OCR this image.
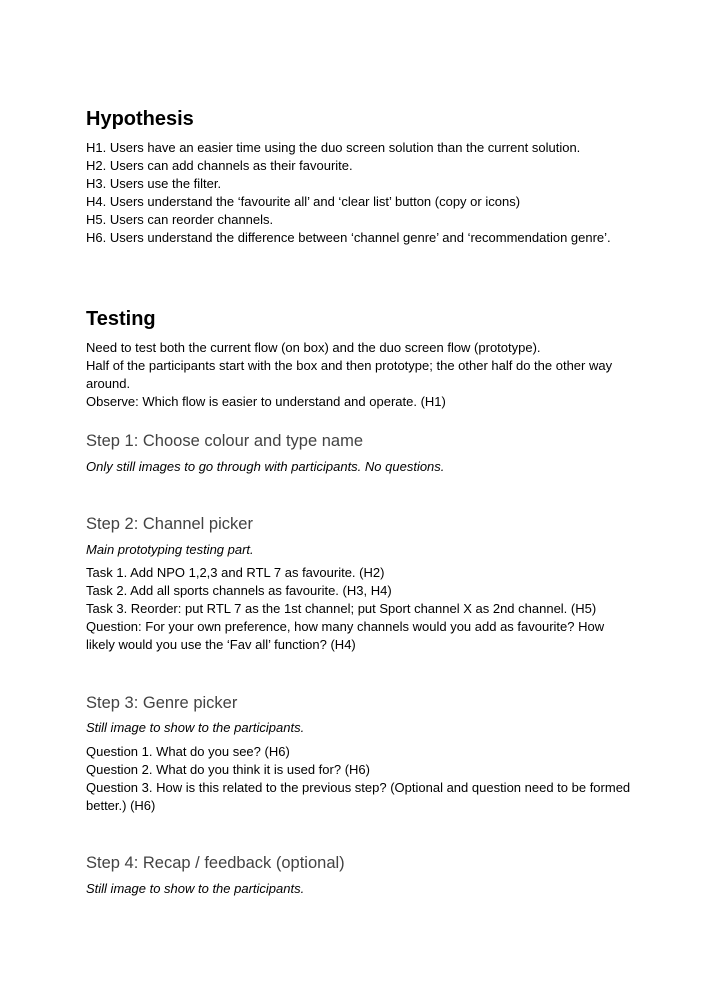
Hypothesis

H1. Users have an easier time using the duo screen solution than the current solution.

H2. Users can add channels as their favourite.

H3. Users use the filter.

H4. Users understand the ‘favourite all’ and ‘clear list’ button (copy or icons)

H5. Users can reorder channels.

H6. Users understand the difference between ‘channel genre’ and ‘recommendation genre’.

Testing

Need to test both the current flow (on box) and the duo screen flow (prototype).

Half of the participants start with the box and then prototype; the other half do the other way around.

Observe: Which flow is easier to understand and operate. (H1)

Step 1: Choose colour and type name

Only still images to go through with participants. No questions.

Step 2: Channel picker

Main prototyping testing part.

Task 1. Add NPO 1,2,3 and RTL 7 as favourite. (H2)

Task 2. Add all sports channels as favourite. (H3, H4)

Task 3. Reorder: put RTL 7 as the 1st channel; put Sport channel X as 2nd channel. (H5)

Question: For your own preference, how many channels would you add as favourite? How likely would you use the ‘Fav all’ function? (H4)

Step 3: Genre picker

Still image to show to the participants.

Question 1. What do you see? (H6)

Question 2. What do you think it is used for? (H6)

Question 3. How is this related to the previous step? (Optional and question need to be formed better.) (H6)

Step 4: Recap / feedback (optional)

Still image to show to the participants.
